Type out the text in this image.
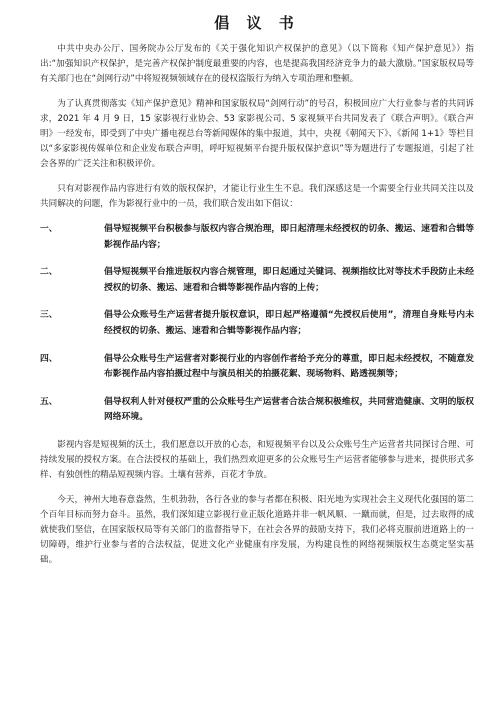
倡 议 书

中共中央办公厅、国务院办公厅发布的《关于强化知识产权保护的意见》（以下简称《知产保护意见》）指出:“加强知识产权保护，是完善产权保护制度最重要的内容，也是提高我国经济竞争力的最大激励。”国家版权局等有关部门也在“剑网行动”中将短视频领域存在的侵权盗版行为纳入专项治理和整顿。

为了认真贯彻落实《知产保护意见》精神和国家版权局“剑网行动”的号召，积极回应广大行业参与者的共同诉求，2021 年 4 月 9 日，15 家影视行业协会、53 家影视公司、5 家视频平台共同发表了《联合声明》。《联合声明》一经发布，即受到了中央广播电视总台等新闻媒体的集中报道，其中，央视《朝闻天下》、《新闻 1+1》等栏目以“多家影视传媒单位和企业发布联合声明，呼吁短视频平台提升版权保护意识”等为题进行了专题报道，引起了社会各界的广泛关注和积极评价。

只有对影视作品内容进行有效的版权保护，才能让行业生生不息。我们深感这是一个需要全行业共同关注以及共同解决的问题，作为影视行业中的一员，我们联合发出如下倡议：

一、	倡导短视频平台积极参与版权内容合规治理，即日起清理未经授权的切条、搬运、速看和合辑等影视作品内容；
二、	倡导短视频平台推进版权内容合规管理，即日起通过关键词、视频指纹比对等技术手段防止未经授权的切条、搬运、速看和合辑等影视作品内容的上传；
三、	倡导公众账号生产运营者提升版权意识，即日起严格遵循“先授权后使用”，清理自身账号内未经授权的切条、搬运、速看和合辑等影视作品内容；
四、	倡导公众账号生产运营者对影视行业的内容创作者给予充分的尊重，即日起未经授权，不随意发布影视作品内容拍摄过程中与演员相关的拍摄花絮、现场物料、路透视频等；
五、	倡导权利人针对侵权严重的公众账号生产运营者合法合规积极维权，共同营造健康、文明的版权网络环境。

影视内容是短视频的沃土，我们愿意以开放的心态，和短视频平台以及公众账号生产运营者共同探讨合理、可持续发展的授权方案。在合法授权的基础上，我们热烈欢迎更多的公众账号生产运营者能够参与进来，提供形式多样、有独创性的精品短视频内容。土壤有营养，百花才争放。

今天，神州大地春意盎然，生机勃勃，各行各业的参与者都在积极、阳光地为实现社会主义现代化强国的第二个百年目标而努力奋斗。虽然，我们深知建立影视行业正版化道路并非一帆风顺、一蹴而就，但是，过去取得的成就使我们坚信，在国家版权局等有关部门的监督指导下，在社会各界的鼓励支持下，我们必将克服前进道路上的一切障碍，维护行业参与者的合法权益，促进文化产业健康有序发展，为构建良性的网络视频版权生态奠定坚实基础。
